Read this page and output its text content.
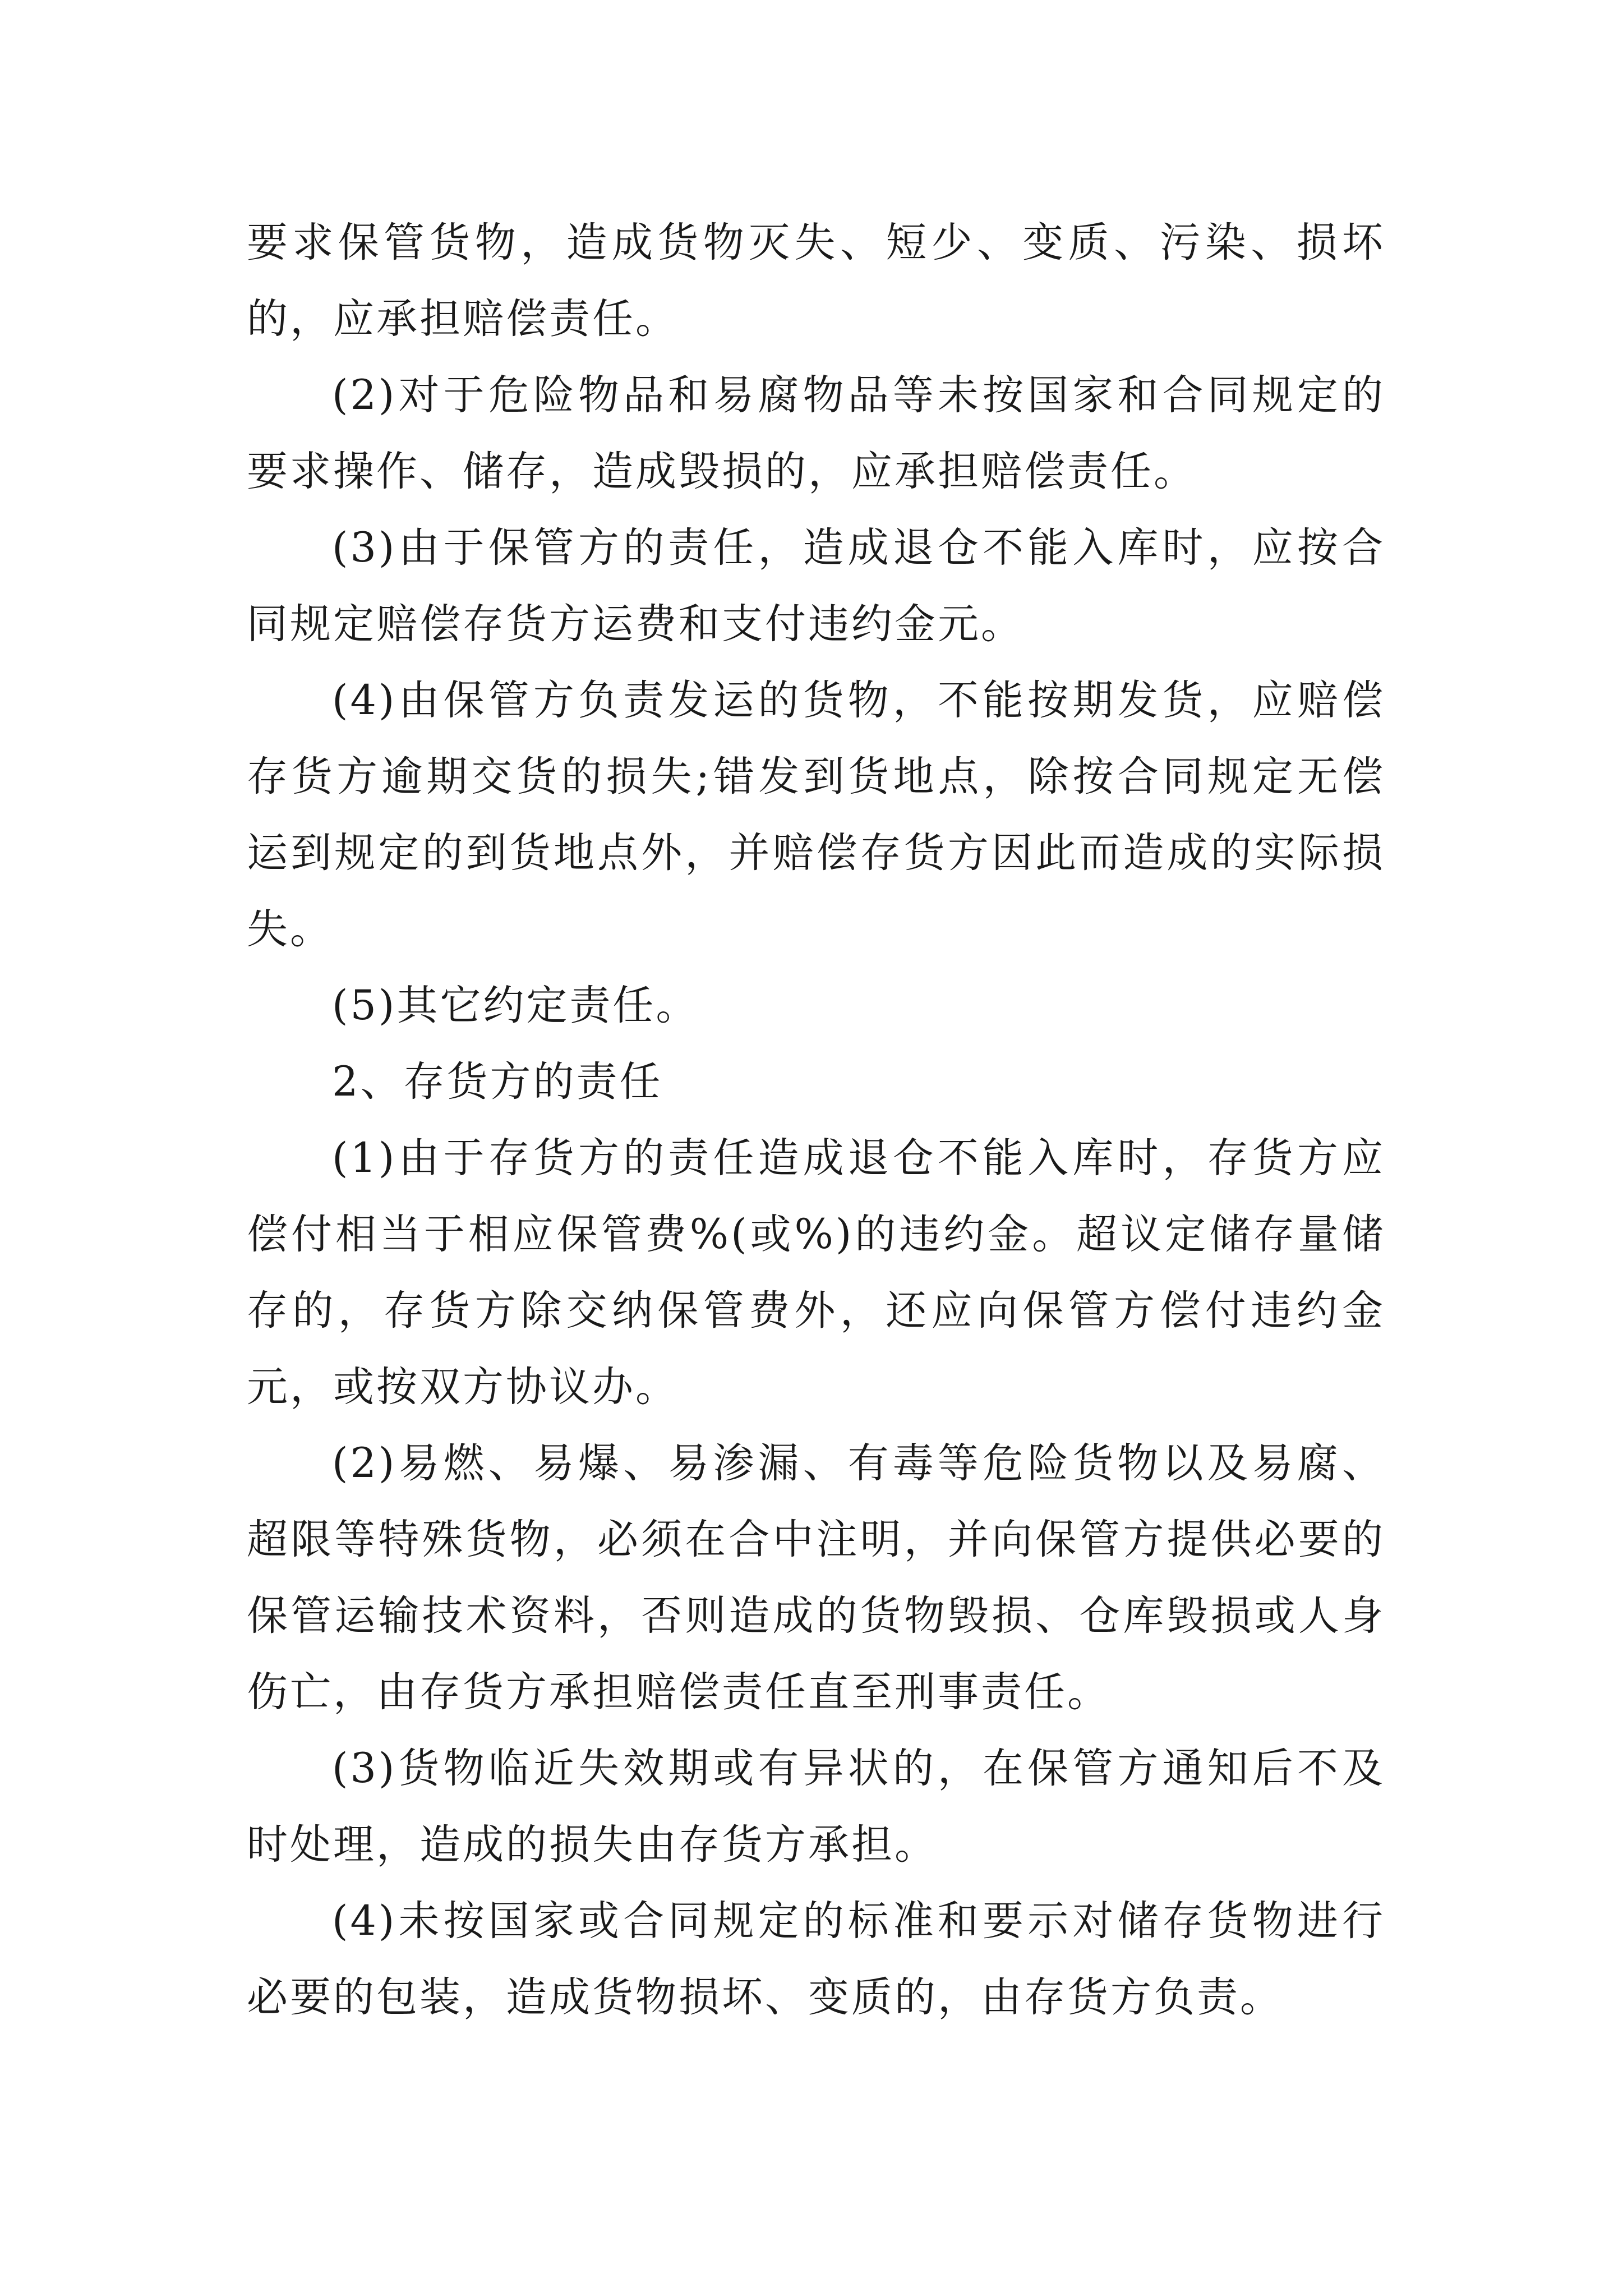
要求保管货物，造成货物灭失、短少、变质、污染、损坏的，应承担赔偿责任。

(2)对于危险物品和易腐物品等未按国家和合同规定的要求操作、储存，造成毁损的，应承担赔偿责任。

(3)由于保管方的责任，造成退仓不能入库时，应按合同规定赔偿存货方运费和支付违约金元。

(4)由保管方负责发运的货物，不能按期发货，应赔偿存货方逾期交货的损失;错发到货地点，除按合同规定无偿运到规定的到货地点外，并赔偿存货方因此而造成的实际损失。

(5)其它约定责任。

2、存货方的责任

(1)由于存货方的责任造成退仓不能入库时，存货方应偿付相当于相应保管费%(或%)的违约金。超议定储存量储存的，存货方除交纳保管费外，还应向保管方偿付违约金元，或按双方协议办。

(2)易燃、易爆、易渗漏、有毒等危险货物以及易腐、超限等特殊货物，必须在合中注明，并向保管方提供必要的保管运输技术资料，否则造成的货物毁损、仓库毁损或人身伤亡，由存货方承担赔偿责任直至刑事责任。

(3)货物临近失效期或有异状的，在保管方通知后不及时处理，造成的损失由存货方承担。

(4)未按国家或合同规定的标准和要示对储存货物进行必要的包装，造成货物损坏、变质的，由存货方负责。
